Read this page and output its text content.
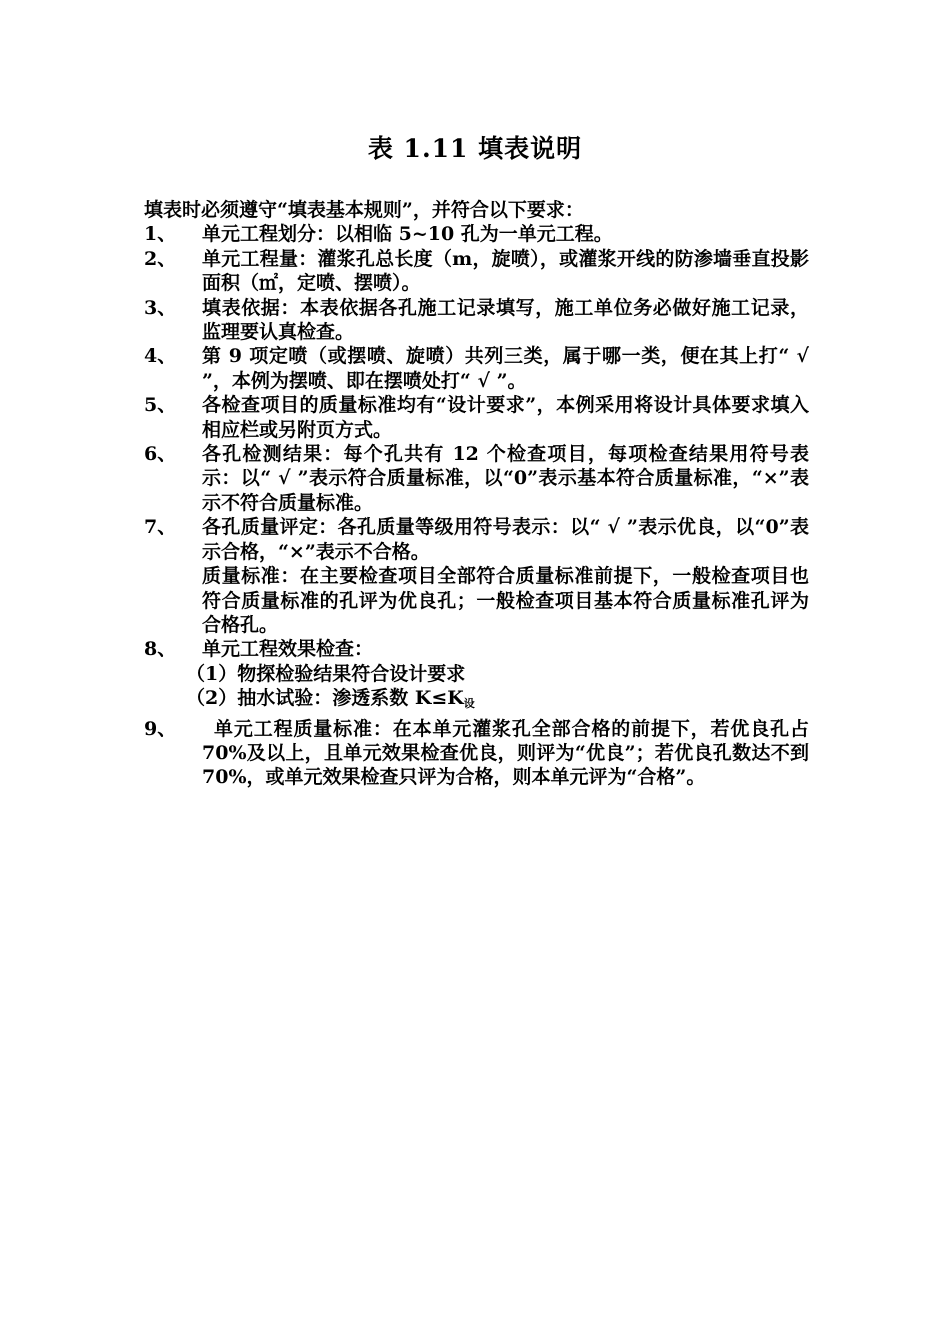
表 1.11 填表说明

填表时必须遵守“填表基本规则”，并符合以下要求：

1、	单元工程划分：以相临 5~10 孔为一单元工程。
2、	单元工程量：灌浆孔总长度（m，旋喷），或灌浆开线的防渗墙垂直投影面积（㎡，定喷、摆喷）。
3、	填表依据：本表依据各孔施工记录填写，施工单位务必做好施工记录，监理要认真检查。
4、	第 9 项定喷（或摆喷、旋喷）共列三类，属于哪一类，便在其上打“ √ ”，本例为摆喷、即在摆喷处打“ √ ”。
5、	各检查项目的质量标准均有“设计要求”，本例采用将设计具体要求填入相应栏或另附页方式。
6、	各孔检测结果：每个孔共有 12 个检查项目，每项检查结果用符号表示：以“ √ ”表示符合质量标准，以“0”表示基本符合质量标准，“×”表示不符合质量标准。
7、	各孔质量评定：各孔质量等级用符号表示：以“ √ ”表示优良，以“0”表示合格，“×”表示不合格。
质量标准：在主要检查项目全部符合质量标准前提下，一般检查项目也符合质量标准的孔评为优良孔；一般检查项目基本符合质量标准孔评为合格孔。
8、	单元工程效果检查：

（1）物探检验结果符合设计要求

（2）抽水试验：渗透系数 $K\le K_设$

9、	单元工程质量标准：在本单元灌浆孔全部合格的前提下，若优良孔占 70%及以上，且单元效果检查优良，则评为“优良”；若优良孔数达不到 70%，或单元效果检查只评为合格，则本单元评为“合格”。
